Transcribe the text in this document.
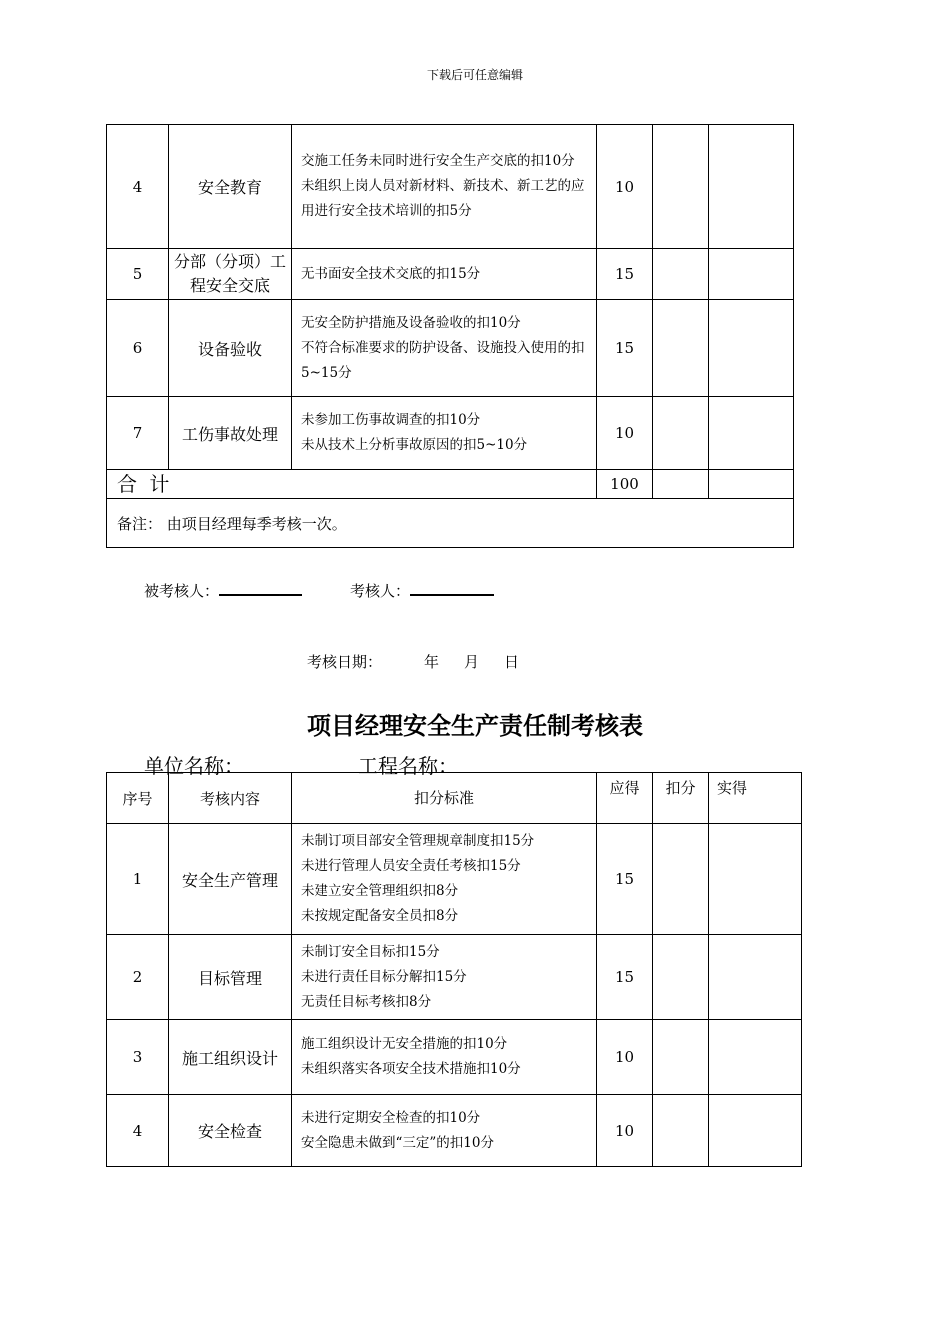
下载后可任意编辑
4	安全教育	交施工任务未同时进行安全生产交底的扣10分
未组织上岗人员对新材料、新技术、新工艺的应用进行安全技术培训的扣5分	10		
5	分部（分项）工程安全交底	无书面安全技术交底的扣15分	15		
6	设备验收	无安全防护措施及设备验收的扣10分
不符合标准要求的防护设备、设施投入使用的扣5~15分	15		
7	工伤事故处理	未参加工伤事故调查的扣10分
未从技术上分析事故原因的扣5~10分	10		
合 计			100		
备注： 由项目经理每季考核一次。					
被考核人：	考核人：
考核日期：	年 月 日
项目经理安全生产责任制考核表
单位名称：	工程名称：
序号	考核内容	扣分标准	应得	扣分	实得
1	安全生产管理	未制订项目部安全管理规章制度扣15分
未进行管理人员安全责任考核扣15分
未建立安全管理组织扣8分
未按规定配备安全员扣8分	15		
2	目标管理	未制订安全目标扣15分
未进行责任目标分解扣15分
无责任目标考核扣8分	15		
3	施工组织设计	施工组织设计无安全措施的扣10分
未组织落实各项安全技术措施扣10分	10		
4	安全检查	未进行定期安全检查的扣10分
安全隐患未做到“三定”的扣10分	10		
